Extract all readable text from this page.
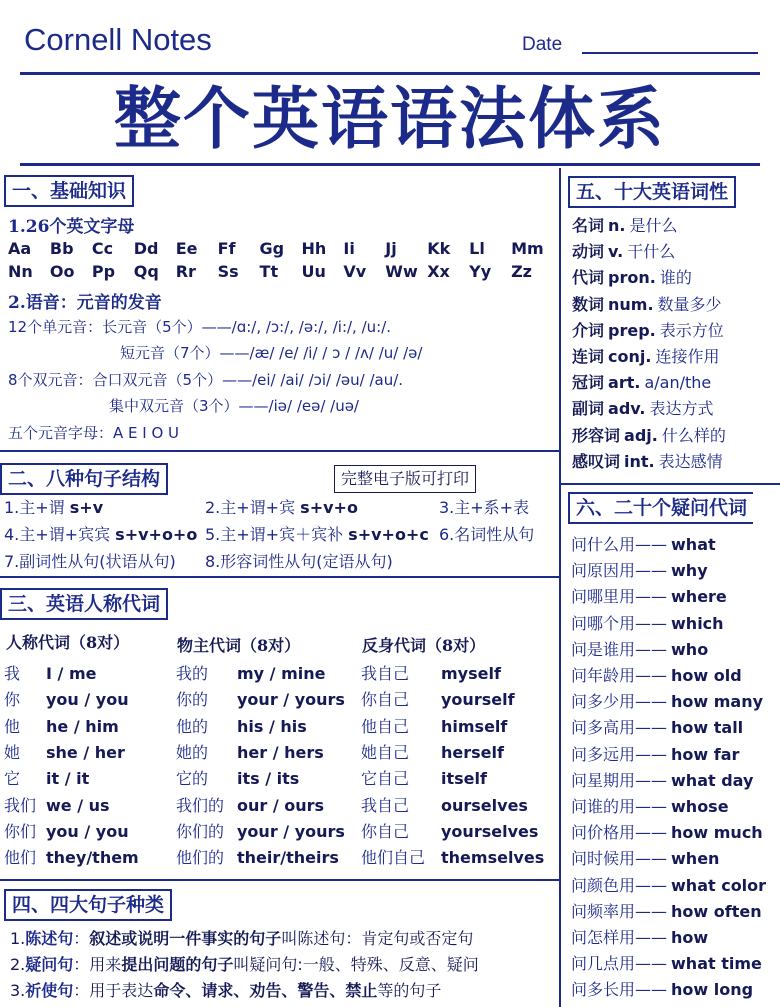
Cornell Notes	Date
整个英语语法体系
一、基础知识
1.26个英文字母
Aa	Bb	Cc	Dd	Ee	Ff	Gg	Hh	Ii	Jj	Kk	Ll	Mm
Nn	Oo	Pp	Qq	Rr	Ss	Tt	Uu	Vv	Ww Xx	Yy	Zz
2.语音：元音的发音
12个单元音：长元音（5个）——/ɑ:/, /ɔ:/, /ə:/, /i:/, /u:/.
短元音（7个）——/æ/ /e/ /i/ / ɔ / /ʌ/ /u/ /ə/
8个双元音：合口双元音（5个）——/ei/ /ai/ /ɔi/ /əu/ /au/.
集中双元音（3个）——/iə/ /eə/ /uə/
五个元音字母：A E I O U
二、八种句子结构	完整电子版可打印
1.主+谓 s+v	2.主+谓+宾 s+v+o	3.主+系+表
4.主+谓+宾宾 s+v+o+o 5.主+谓+宾＋宾补 s+v+o+c 6.名词性从句
7.副词性从句(状语从句) 8.形容词性从句(定语从句)
三、英语人称代词
人称代词（8对）	物主代词（8对）	反身代词（8对）
我 I / me	我的 my / mine 我自己 myself
你 you / you	你的 your / yours 你自己 yourself
他 he / him	他的 his / his	他自己 himself
她 she / her	她的 her / hers 她自己 herself
它 it / it	它的 its / its	它自己 itself
我们 we / us	我们的 our / ours 我自己 ourselves
你们 you / you	你们的 your / yours 你自己 yourselves
他们 they/them 他们的 their/theirs 他们自己 themselves
四、四大句子种类
1.陈述句：叙述或说明一件事实的句子叫陈述句：肯定句或否定句
2.疑问句：用来提出问题的句子叫疑问句:一般、特殊、反意、疑问
3.祈使句：用于表达命令、请求、劝告、警告、禁止等的句子
五、十大英语词性
名词 n. 是什么
动词 v. 干什么
代词 pron. 谁的
数词 num. 数量多少
介词 prep. 表示方位
连词 conj. 连接作用
冠词 art. a/an/the
副词 adv. 表达方式
形容词 adj. 什么样的
感叹词 int. 表达感情
六、二十个疑问代词
问什么用—— what
问原因用—— why
问哪里用—— where
问哪个用—— which
问是谁用—— who
问年龄用—— how old
问多少用—— how many
问多高用—— how tall
问多远用—— how far
问星期用—— what day
问谁的用—— whose
问价格用—— how much
问时候用—— when
问颜色用—— what color
问频率用—— how often
问怎样用—— how
问几点用—— what time
问多长用—— how long
